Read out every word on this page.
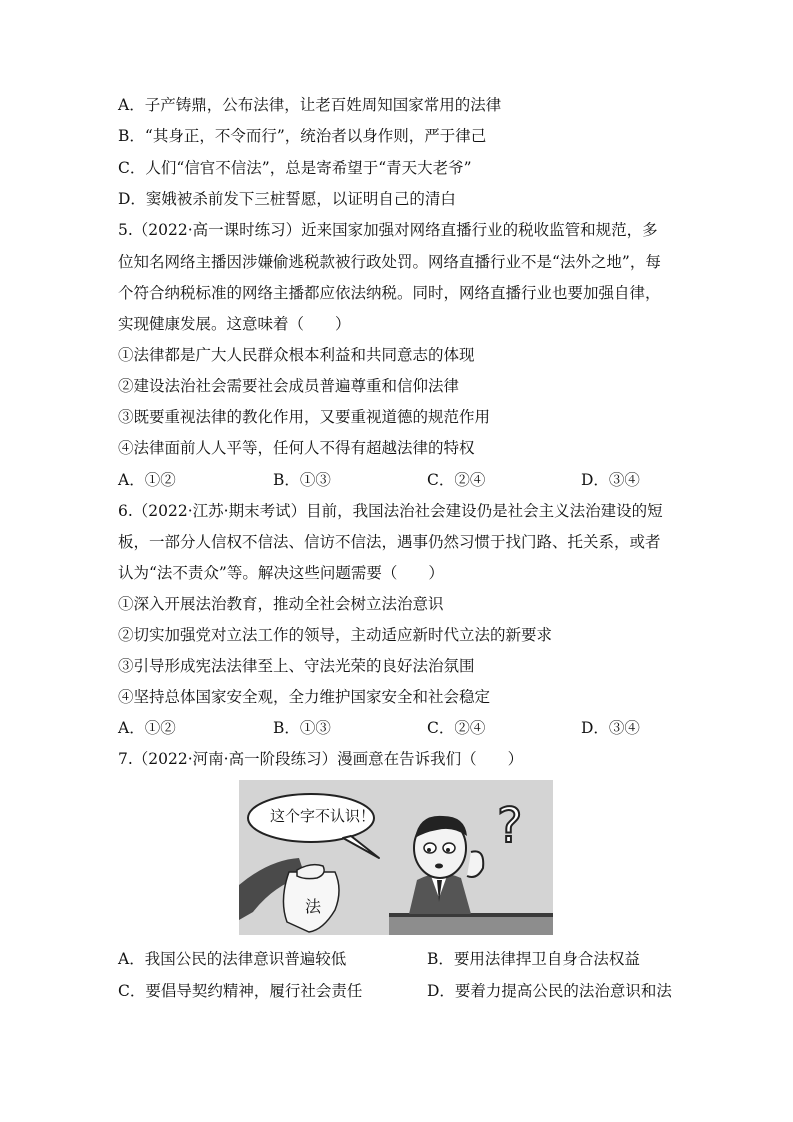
A．子产铸鼎，公布法律，让老百姓周知国家常用的法律
B．“其身正，不令而行”，统治者以身作则，严于律己
C．人们“信官不信法”，总是寄希望于“青天大老爷”
D．窦娥被杀前发下三桩誓愿，以证明自己的清白
5.（2022·高一课时练习）近来国家加强对网络直播行业的税收监管和规范，多
位知名网络主播因涉嫌偷逃税款被行政处罚。网络直播行业不是“法外之地”，每
个符合纳税标准的网络主播都应依法纳税。同时，网络直播行业也要加强自律，
实现健康发展。这意味着（　　）
①法律都是广大人民群众根本利益和共同意志的体现
②建设法治社会需要社会成员普遍尊重和信仰法律
③既要重视法律的教化作用，又要重视道德的规范作用
④法律面前人人平等，任何人不得有超越法律的特权
A．①②	B．①③	C．②④	D．③④
6.（2022·江苏·期末考试）目前，我国法治社会建设仍是社会主义法治建设的短
板，一部分人信权不信法、信访不信法，遇事仍然习惯于找门路、托关系，或者
认为“法不责众”等。解决这些问题需要（　　）
①深入开展法治教育，推动全社会树立法治意识
②切实加强党对立法工作的领导，主动适应新时代立法的新要求
③引导形成宪法法律至上、守法光荣的良好法治氛围
④坚持总体国家安全观，全力维护国家安全和社会稳定
A．①②	B．①③	C．②④	D．③④
7.（2022·河南·高一阶段练习）漫画意在告诉我们（　　）
?
法
这个字不认识！
A．我国公民的法律意识普遍较低	B．要用法律捍卫自身合法权益
C．要倡导契约精神，履行社会责任	D．要着力提高公民的法治意识和法
